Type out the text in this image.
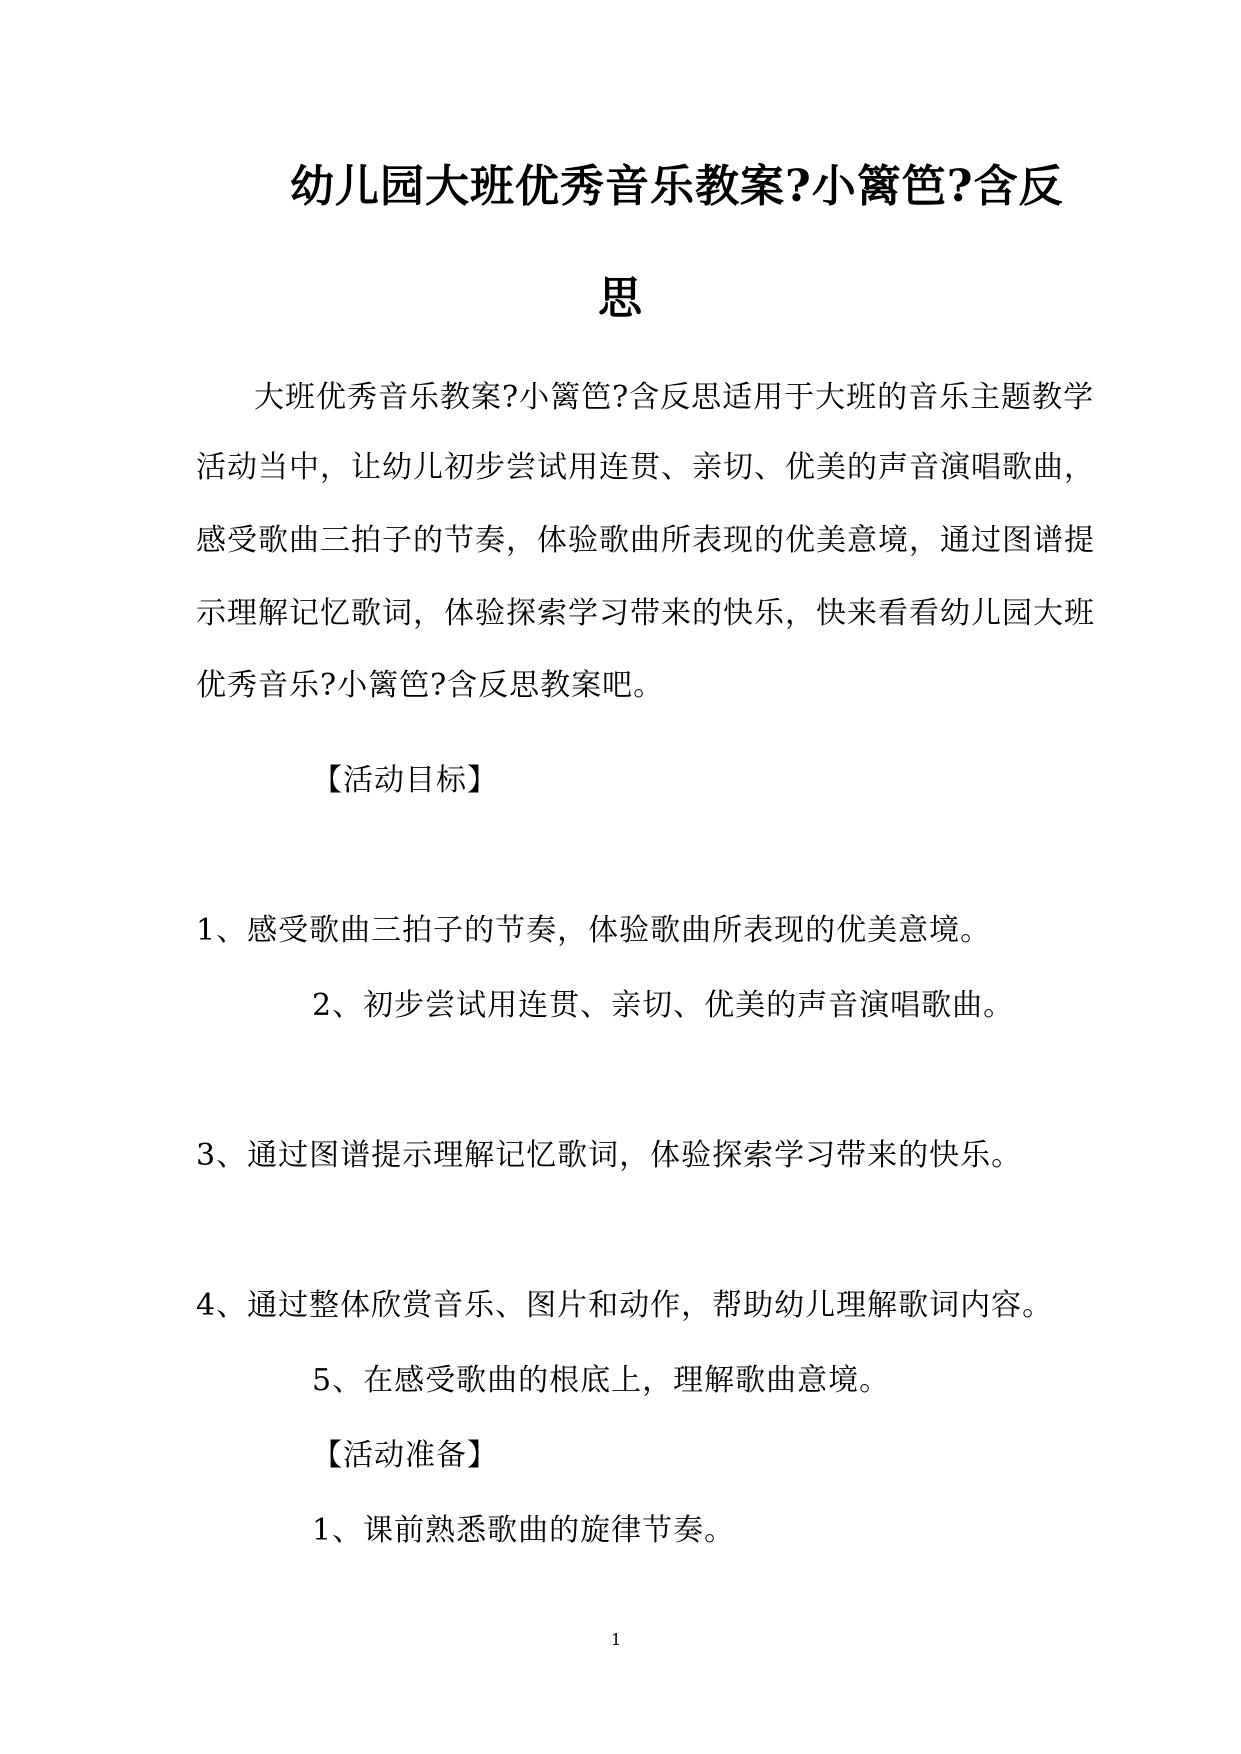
幼儿园大班优秀音乐教案?小篱笆?含反
思
大班优秀音乐教案?小篱笆?含反思适用于大班的音乐主题教学
活动当中，让幼儿初步尝试用连贯、亲切、优美的声音演唱歌曲，
感受歌曲三拍子的节奏，体验歌曲所表现的优美意境，通过图谱提
示理解记忆歌词，体验探索学习带来的快乐，快来看看幼儿园大班
优秀音乐?小篱笆?含反思教案吧。
【活动目标】
1、感受歌曲三拍子的节奏，体验歌曲所表现的优美意境。
2、初步尝试用连贯、亲切、优美的声音演唱歌曲。
3、通过图谱提示理解记忆歌词，体验探索学习带来的快乐。
4、通过整体欣赏音乐、图片和动作，帮助幼儿理解歌词内容。
5、在感受歌曲的根底上，理解歌曲意境。
【活动准备】
1、课前熟悉歌曲的旋律节奏。
1
